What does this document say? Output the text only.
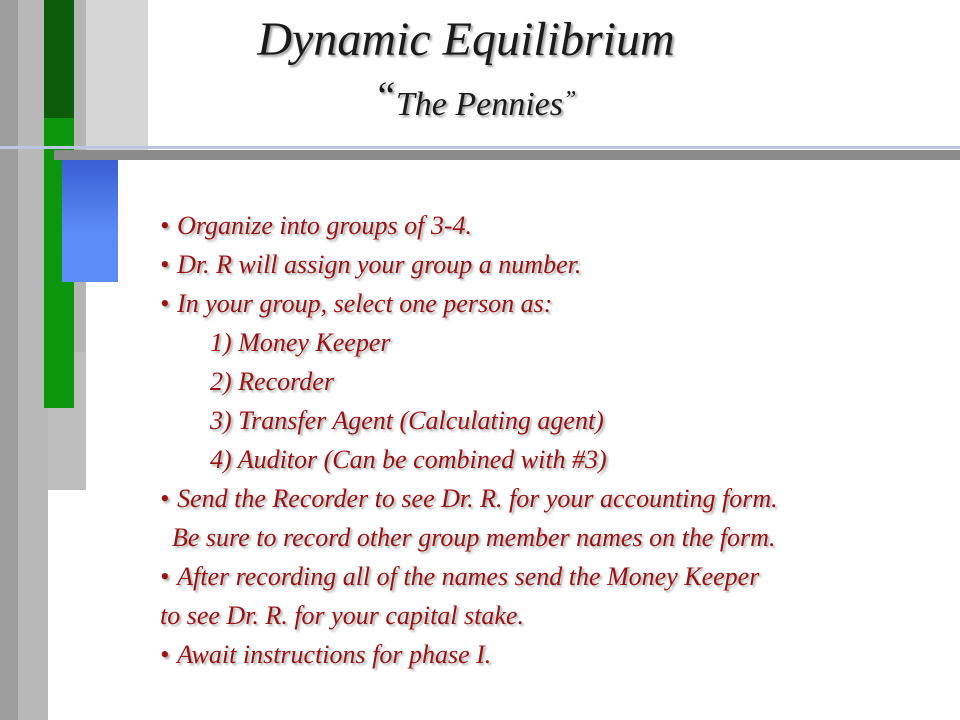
Dynamic Equilibrium
“The Pennies”
• Organize into groups of 3-4.
• Dr. R will assign your group a number.
• In your group, select one person as:
1) Money Keeper
2) Recorder
3) Transfer Agent (Calculating agent)
4) Auditor (Can be combined with #3)
• Send the Recorder to see Dr. R. for your accounting form.
Be sure to record other group member names on the form.
• After recording all of the names send the Money Keeper
to see Dr. R. for your capital stake.
• Await instructions for phase I.
